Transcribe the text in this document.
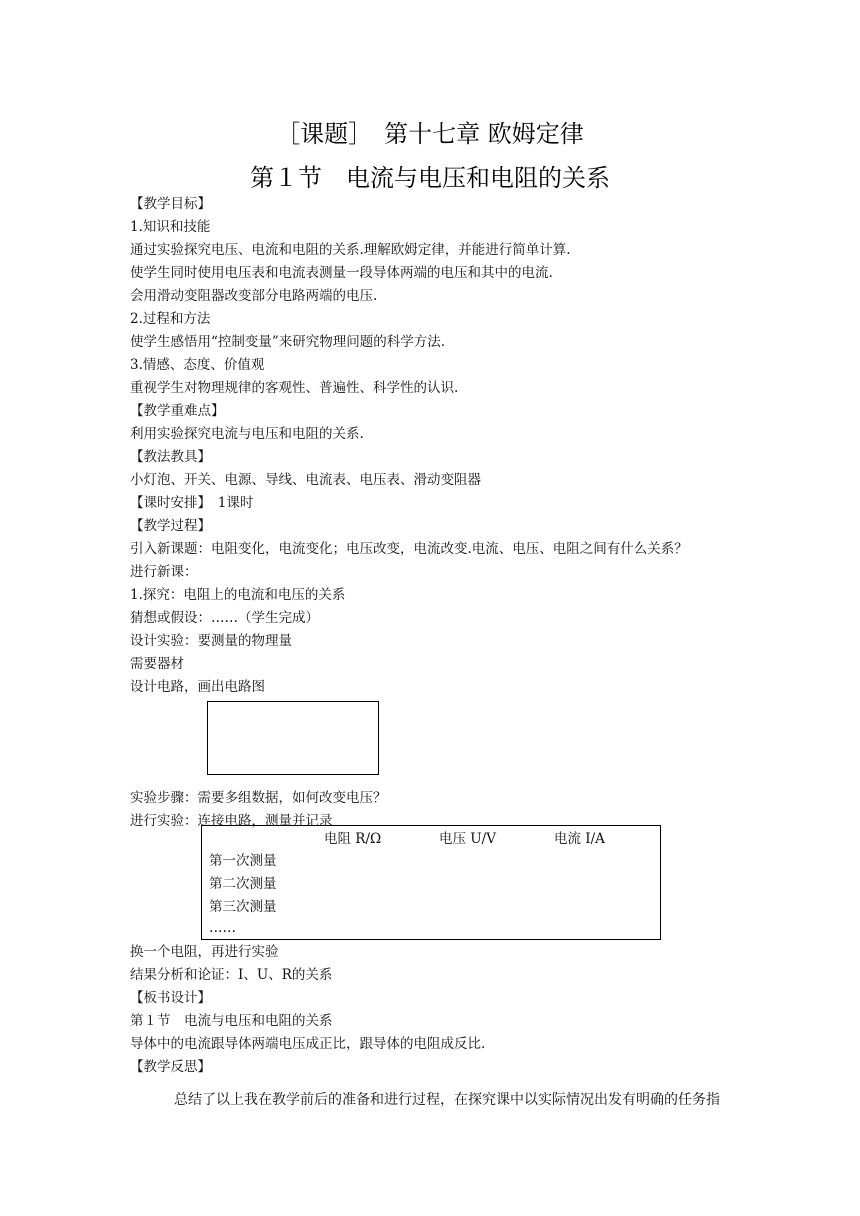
［课题］　第十七章 欧姆定律
第１节　电流与电压和电阻的关系
【教学目标】
1.知识和技能
通过实验探究电压、电流和电阻的关系.理解欧姆定律，并能进行简单计算.
使学生同时使用电压表和电流表测量一段导体两端的电压和其中的电流.
会用滑动变阻器改变部分电路两端的电压.
2.过程和方法
使学生感悟用“控制变量”来研究物理问题的科学方法.
3.情感、态度、价值观
重视学生对物理规律的客观性、普遍性、科学性的认识.
【教学重难点】
利用实验探究电流与电压和电阻的关系.
【教法教具】
小灯泡、开关、电源、导线、电流表、电压表、滑动变阻器
【课时安排】　1课时
【教学过程】
引入新课题：电阻变化，电流变化；电压改变，电流改变.电流、电压、电阻之间有什么关系？
进行新课：
1.探究：电阻上的电流和电压的关系
猜想或假设：……（学生完成）
设计实验：要测量的物理量
需要器材
设计电路，画出电路图
实验步骤：需要多组数据，如何改变电压？
进行实验：连接电路，测量并记录
电阻 R/Ω	电压 U/V	电流 I/A
第一次测量
第二次测量
第三次测量
……
换一个电阻，再进行实验
结果分析和论证：I、U、R的关系
【板书设计】
第１节　电流与电压和电阻的关系
导体中的电流跟导体两端电压成正比，跟导体的电阻成反比.
【教学反思】
总结了以上我在教学前后的准备和进行过程，在探究课中以实际情况出发有明确的任务指
